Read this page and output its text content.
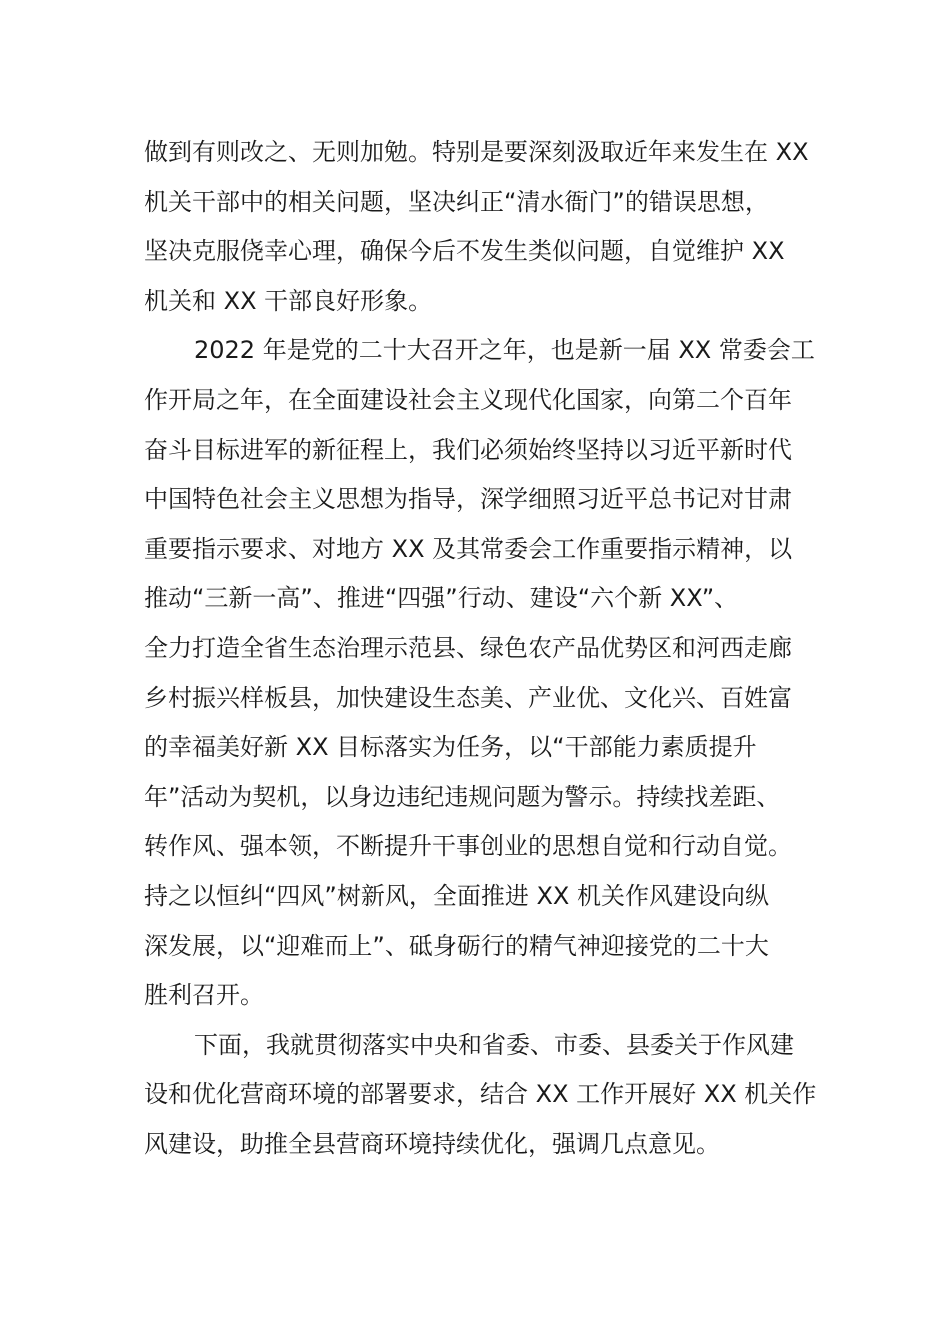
做到有则改之、无则加勉。特别是要深刻汲取近年来发生在 XX
机关干部中的相关问题，坚决纠正“清水衙门”的错误思想，
坚决克服侥幸心理，确保今后不发生类似问题，自觉维护 XX
机关和 XX 干部良好形象。
2022 年是党的二十大召开之年，也是新一届 XX 常委会工
作开局之年，在全面建设社会主义现代化国家，向第二个百年
奋斗目标进军的新征程上，我们必须始终坚持以习近平新时代
中国特色社会主义思想为指导，深学细照习近平总书记对甘肃
重要指示要求、对地方 XX 及其常委会工作重要指示精神，以
推动“三新一高”、推进“四强”行动、建设“六个新 XX”、
全力打造全省生态治理示范县、绿色农产品优势区和河西走廊
乡村振兴样板县，加快建设生态美、产业优、文化兴、百姓富
的幸福美好新 XX 目标落实为任务，以“干部能力素质提升
年”活动为契机，以身边违纪违规问题为警示。持续找差距、
转作风、强本领，不断提升干事创业的思想自觉和行动自觉。
持之以恒纠“四风”树新风，全面推进 XX 机关作风建设向纵
深发展，以“迎难而上”、砥身砺行的精气神迎接党的二十大
胜利召开。
下面，我就贯彻落实中央和省委、市委、县委关于作风建
设和优化营商环境的部署要求，结合 XX 工作开展好 XX 机关作
风建设，助推全县营商环境持续优化，强调几点意见。
